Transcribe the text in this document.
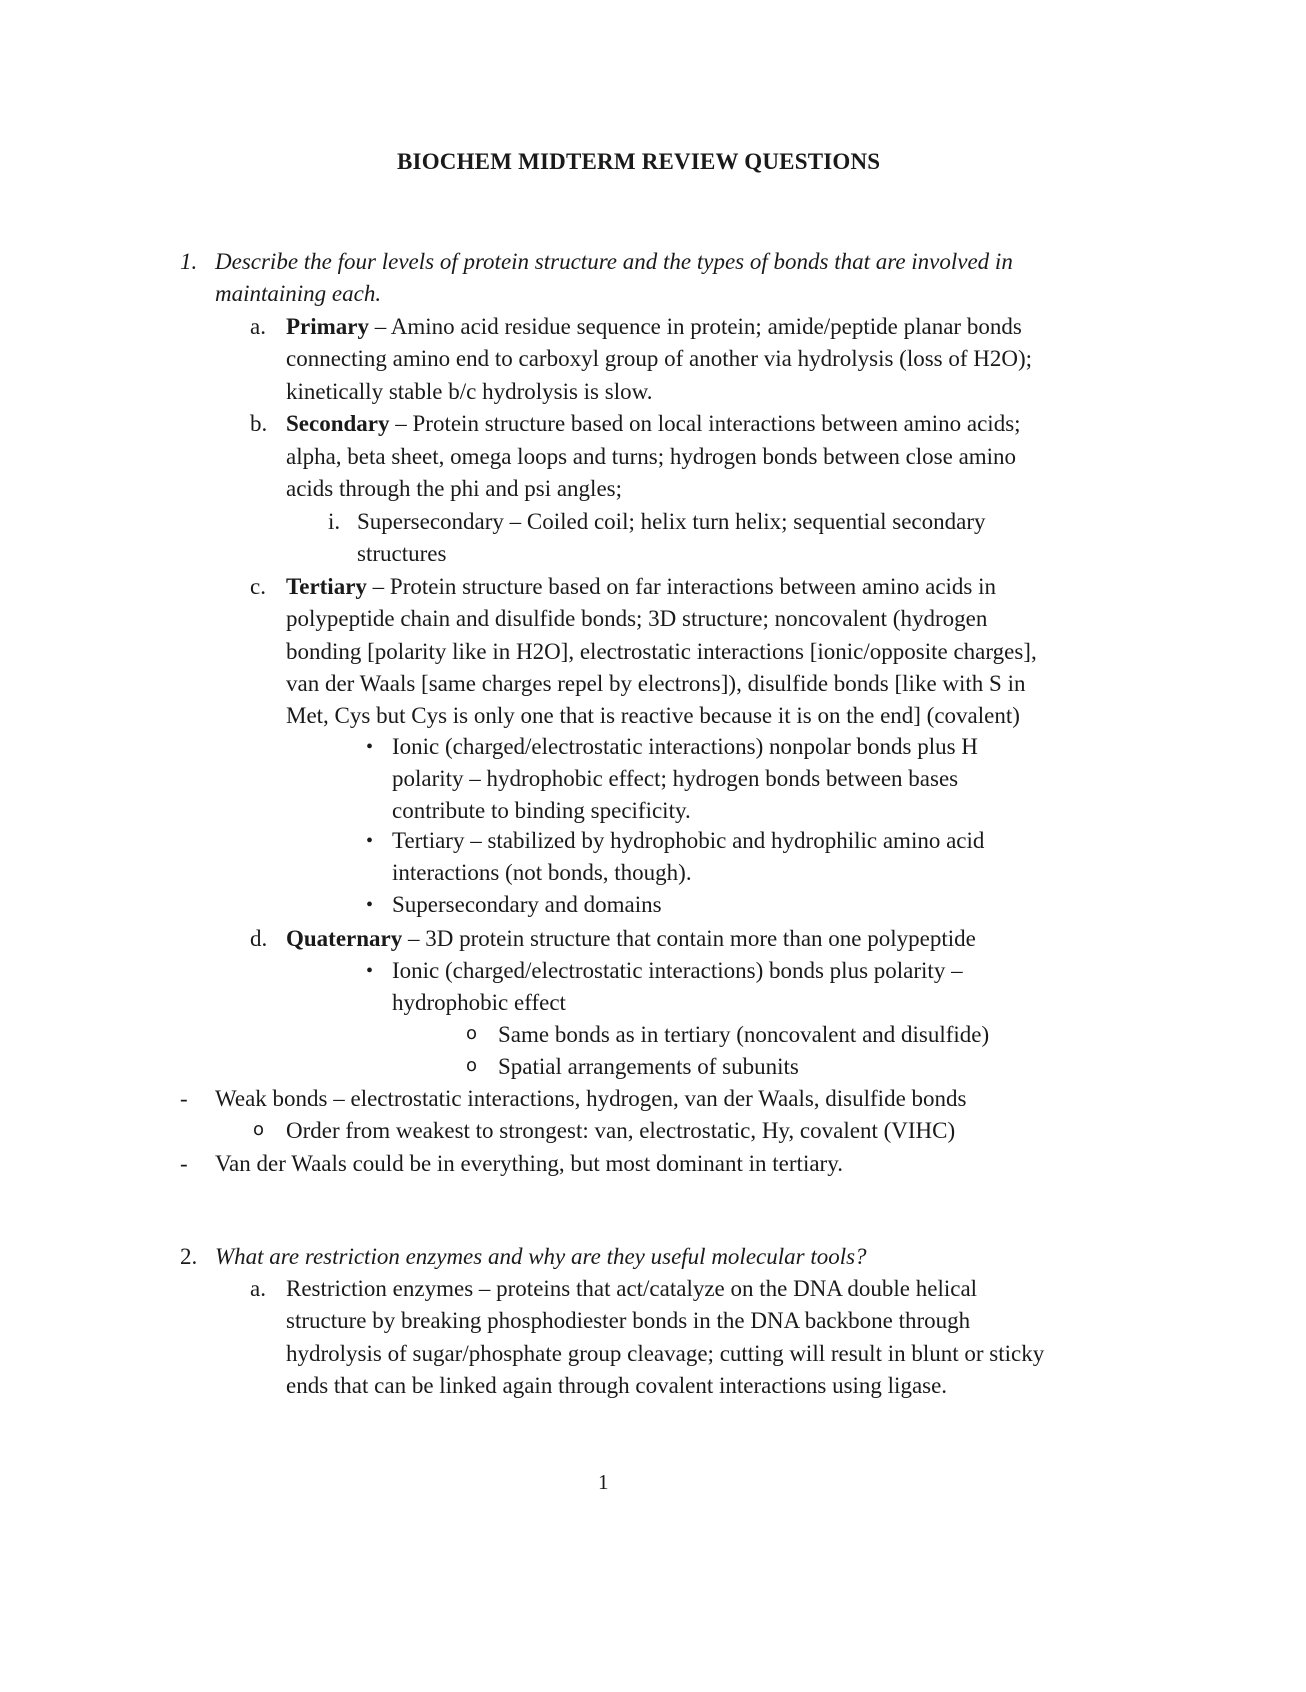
BIOCHEM MIDTERM REVIEW QUESTIONS
1. Describe the four levels of protein structure and the types of bonds that are involved in
maintaining each.
a. Primary – Amino acid residue sequence in protein; amide/peptide planar bonds
connecting amino end to carboxyl group of another via hydrolysis (loss of H2O);
kinetically stable b/c hydrolysis is slow.
b. Secondary – Protein structure based on local interactions between amino acids;
alpha, beta sheet, omega loops and turns; hydrogen bonds between close amino
acids through the phi and psi angles;
i. Supersecondary – Coiled coil; helix turn helix; sequential secondary
structures
c. Tertiary – Protein structure based on far interactions between amino acids in
polypeptide chain and disulfide bonds; 3D structure; noncovalent (hydrogen
bonding [polarity like in H2O], electrostatic interactions [ionic/opposite charges],
van der Waals [same charges repel by electrons]), disulfide bonds [like with S in
Met, Cys but Cys is only one that is reactive because it is on the end] (covalent)
• Ionic (charged/electrostatic interactions) nonpolar bonds plus H
polarity – hydrophobic effect; hydrogen bonds between bases
contribute to binding specificity.
• Tertiary – stabilized by hydrophobic and hydrophilic amino acid
interactions (not bonds, though).
• Supersecondary and domains
d. Quaternary – 3D protein structure that contain more than one polypeptide
• Ionic (charged/electrostatic interactions) bonds plus polarity –
hydrophobic effect
o Same bonds as in tertiary (noncovalent and disulfide)
o Spatial arrangements of subunits
- Weak bonds – electrostatic interactions, hydrogen, van der Waals, disulfide bonds
o Order from weakest to strongest: van, electrostatic, Hy, covalent (VIHC)
- Van der Waals could be in everything, but most dominant in tertiary.
2. What are restriction enzymes and why are they useful molecular tools?
a. Restriction enzymes – proteins that act/catalyze on the DNA double helical
structure by breaking phosphodiester bonds in the DNA backbone through
hydrolysis of sugar/phosphate group cleavage; cutting will result in blunt or sticky
ends that can be linked again through covalent interactions using ligase.
1
